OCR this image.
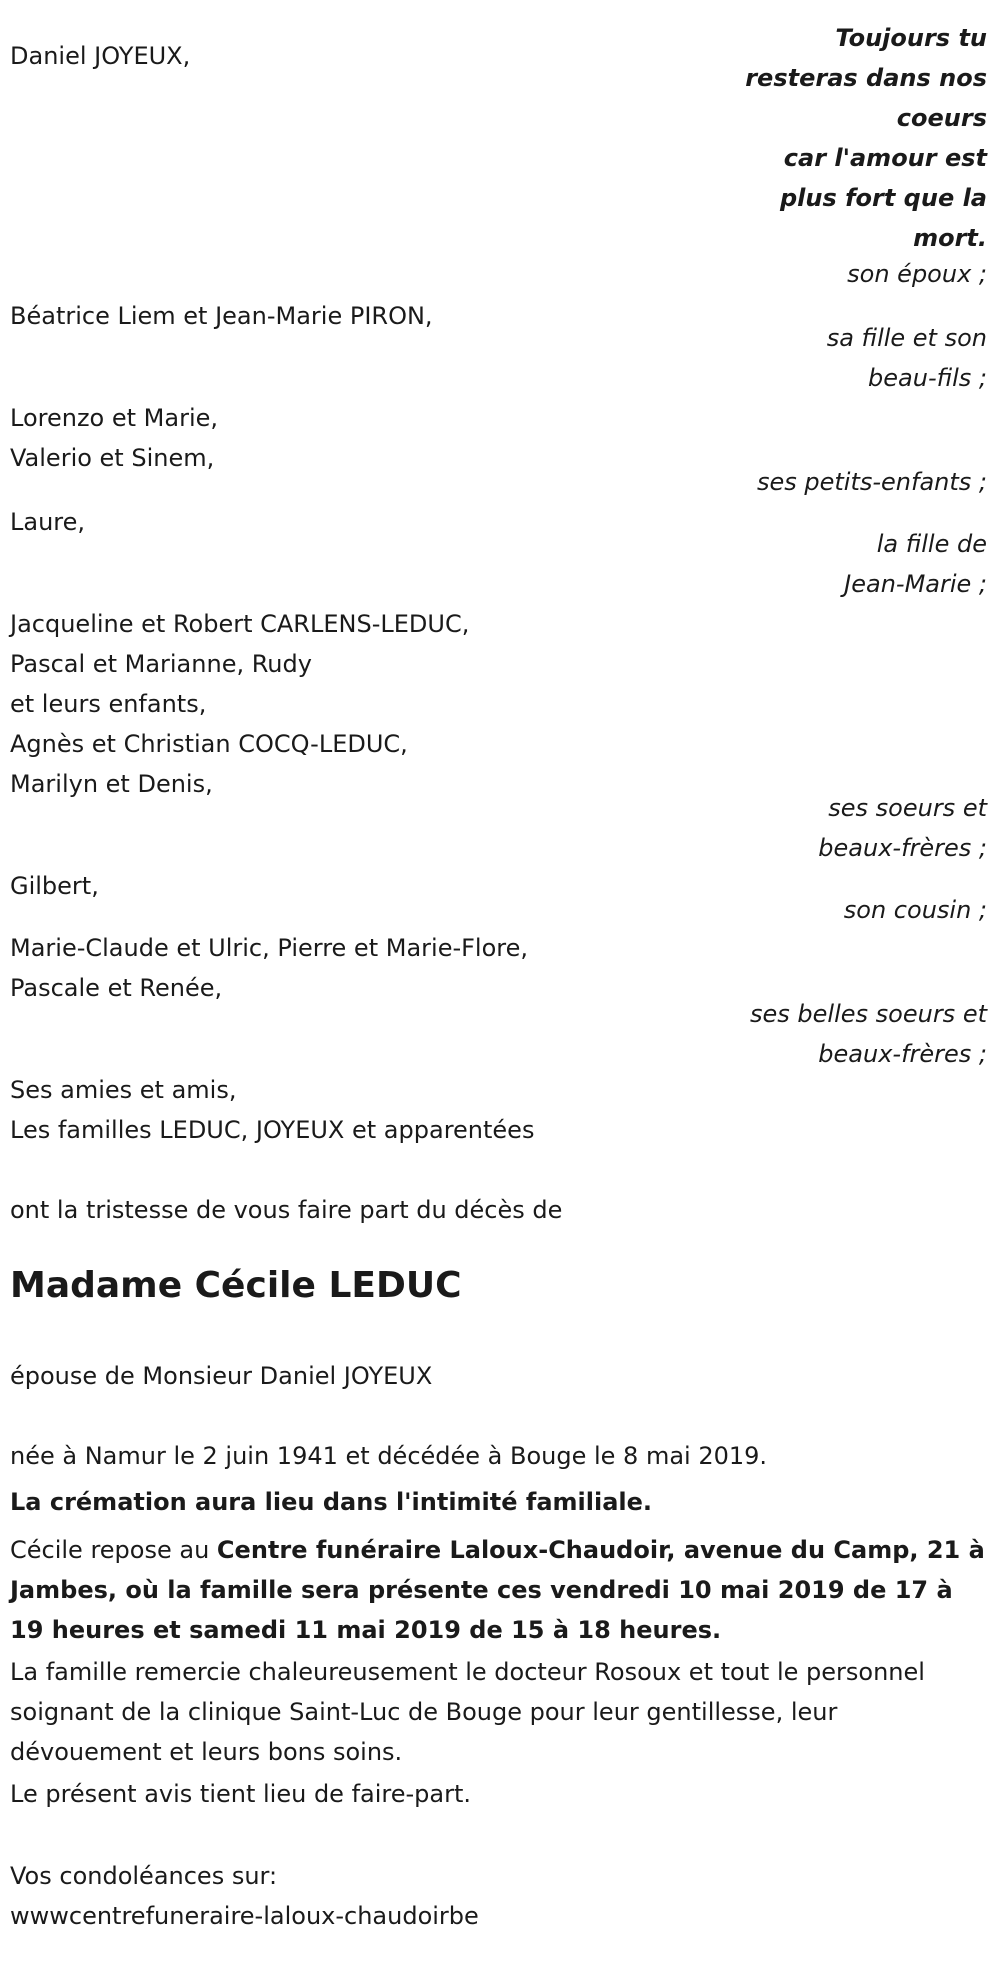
Toujours tu
resteras dans nos
coeurs
car l'amour est
plus fort que la
mort.
Daniel JOYEUX,
son époux ;
Béatrice Liem et Jean-Marie PIRON,
sa fille et son
beau-fils ;
Lorenzo et Marie,
Valerio et Sinem,
ses petits-enfants ;
Laure,
la fille de
Jean-Marie ;
Jacqueline et Robert CARLENS-LEDUC,
Pascal et Marianne, Rudy
et leurs enfants,
Agnès et Christian COCQ-LEDUC,
Marilyn et Denis,
ses soeurs et
beaux-frères ;
Gilbert,
son cousin ;
Marie-Claude et Ulric, Pierre et Marie-Flore,
Pascale et Renée,
ses belles soeurs et
beaux-frères ;
Ses amies et amis,
Les familles LEDUC, JOYEUX et apparentées
ont la tristesse de vous faire part du décès de
Madame Cécile LEDUC
épouse de Monsieur Daniel JOYEUX
née à Namur le 2 juin 1941 et décédée à Bouge le 8 mai 2019.
La crémation aura lieu dans l'intimité familiale.
Cécile repose au Centre funéraire Laloux-Chaudoir, avenue du Camp, 21 à Jambes, où la famille sera présente ces vendredi 10 mai 2019 de 17 à 19 heures et samedi 11 mai 2019 de 15 à 18 heures.
La famille remercie chaleureusement le docteur Rosoux et tout le personnel soignant de la clinique Saint-Luc de Bouge pour leur gentillesse, leur dévouement et leurs bons soins.
Le présent avis tient lieu de faire-part.
Vos condoléances sur:
wwwcentrefuneraire-laloux-chaudoirbe
